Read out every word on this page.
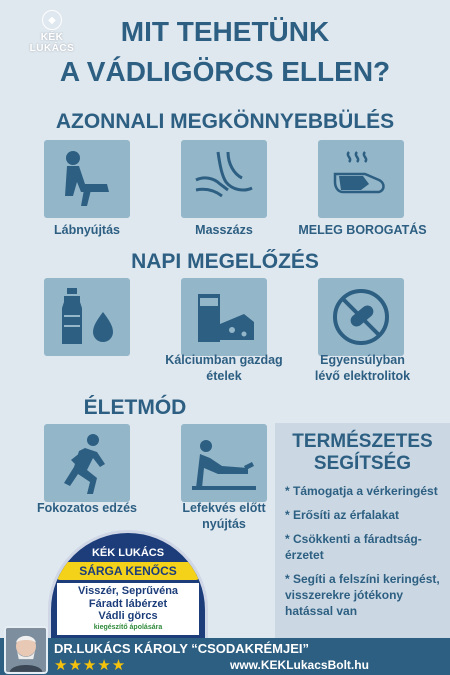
◆
KÉK LUKÁCS
MIT TEHETÜNK
A VÁDLIGÖRCS ELLEN?
AZONNALI MEGKÖNNYEBBÜLÉS
Lábnyújtás	Masszázs	MELEG BOROGATÁS
NAPI MEGELŐZÉS
Kálciumban gazdag
ételek
Egyensúlyban
lévő elektrolitok
ÉLETMÓD
Fokozatos edzés	Lefekvés előtt
nyújtás
TERMÉSZETES
SEGÍTSÉG
* Támogatja a vérkeringést
* Erősíti az érfalakat
* Csökkenti a fáradtság-érzetet
* Segíti a felszíni keringést, visszerekre jótékony hatással van
KÉK LUKÁCS
SÁRGA KENŐCS
Visszér, Seprűvéna
Fáradt lábérzet
Vádli görcs
kiegészítő ápolására
DR.LUKÁCS KÁROLY “CSODAKRÉMJEI”
★★★★★	www.KEKLukacsBolt.hu
